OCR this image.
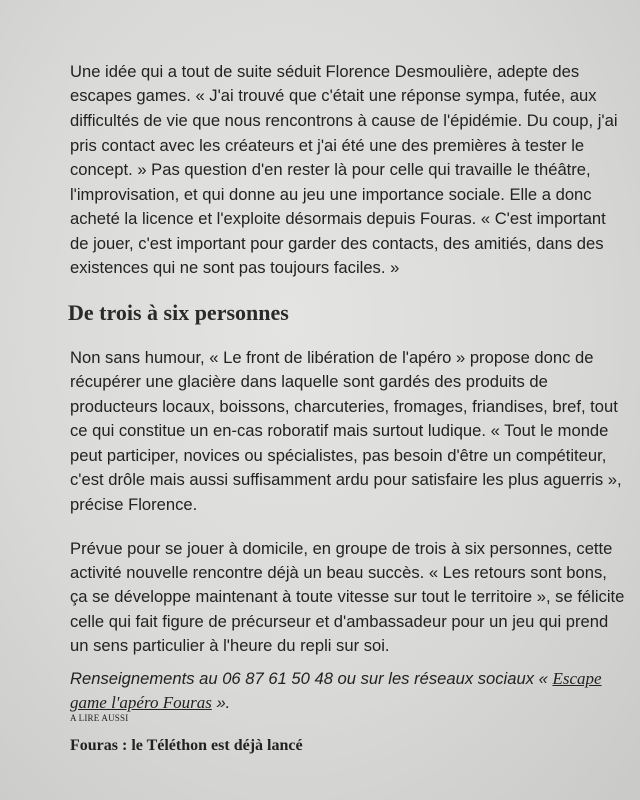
Une idée qui a tout de suite séduit Florence Desmoulière, adepte des
escapes games. « J'ai trouvé que c'était une réponse sympa, futée, aux
difficultés de vie que nous rencontrons à cause de l'épidémie. Du coup, j'ai
pris contact avec les créateurs et j'ai été une des premières à tester le
concept. » Pas question d'en rester là pour celle qui travaille le théâtre,
l'improvisation, et qui donne au jeu une importance sociale. Elle a donc
acheté la licence et l'exploite désormais depuis Fouras. « C'est important
de jouer, c'est important pour garder des contacts, des amitiés, dans des
existences qui ne sont pas toujours faciles. »
De trois à six personnes
Non sans humour, « Le front de libération de l'apéro » propose donc de
récupérer une glacière dans laquelle sont gardés des produits de
producteurs locaux, boissons, charcuteries, fromages, friandises, bref, tout
ce qui constitue un en-cas roboratif mais surtout ludique. « Tout le monde
peut participer, novices ou spécialistes, pas besoin d'être un compétiteur,
c'est drôle mais aussi suffisamment ardu pour satisfaire les plus aguerris »,
précise Florence.
Prévue pour se jouer à domicile, en groupe de trois à six personnes, cette
activité nouvelle rencontre déjà un beau succès. « Les retours sont bons,
ça se développe maintenant à toute vitesse sur tout le territoire », se félicite
celle qui fait figure de précurseur et d'ambassadeur pour un jeu qui prend
un sens particulier à l'heure du repli sur soi.
Renseignements au 06 87 61 50 48 ou sur les réseaux sociaux « Escape
game l'apéro Fouras ».
A LIRE AUSSI
Fouras : le Téléthon est déjà lancé
